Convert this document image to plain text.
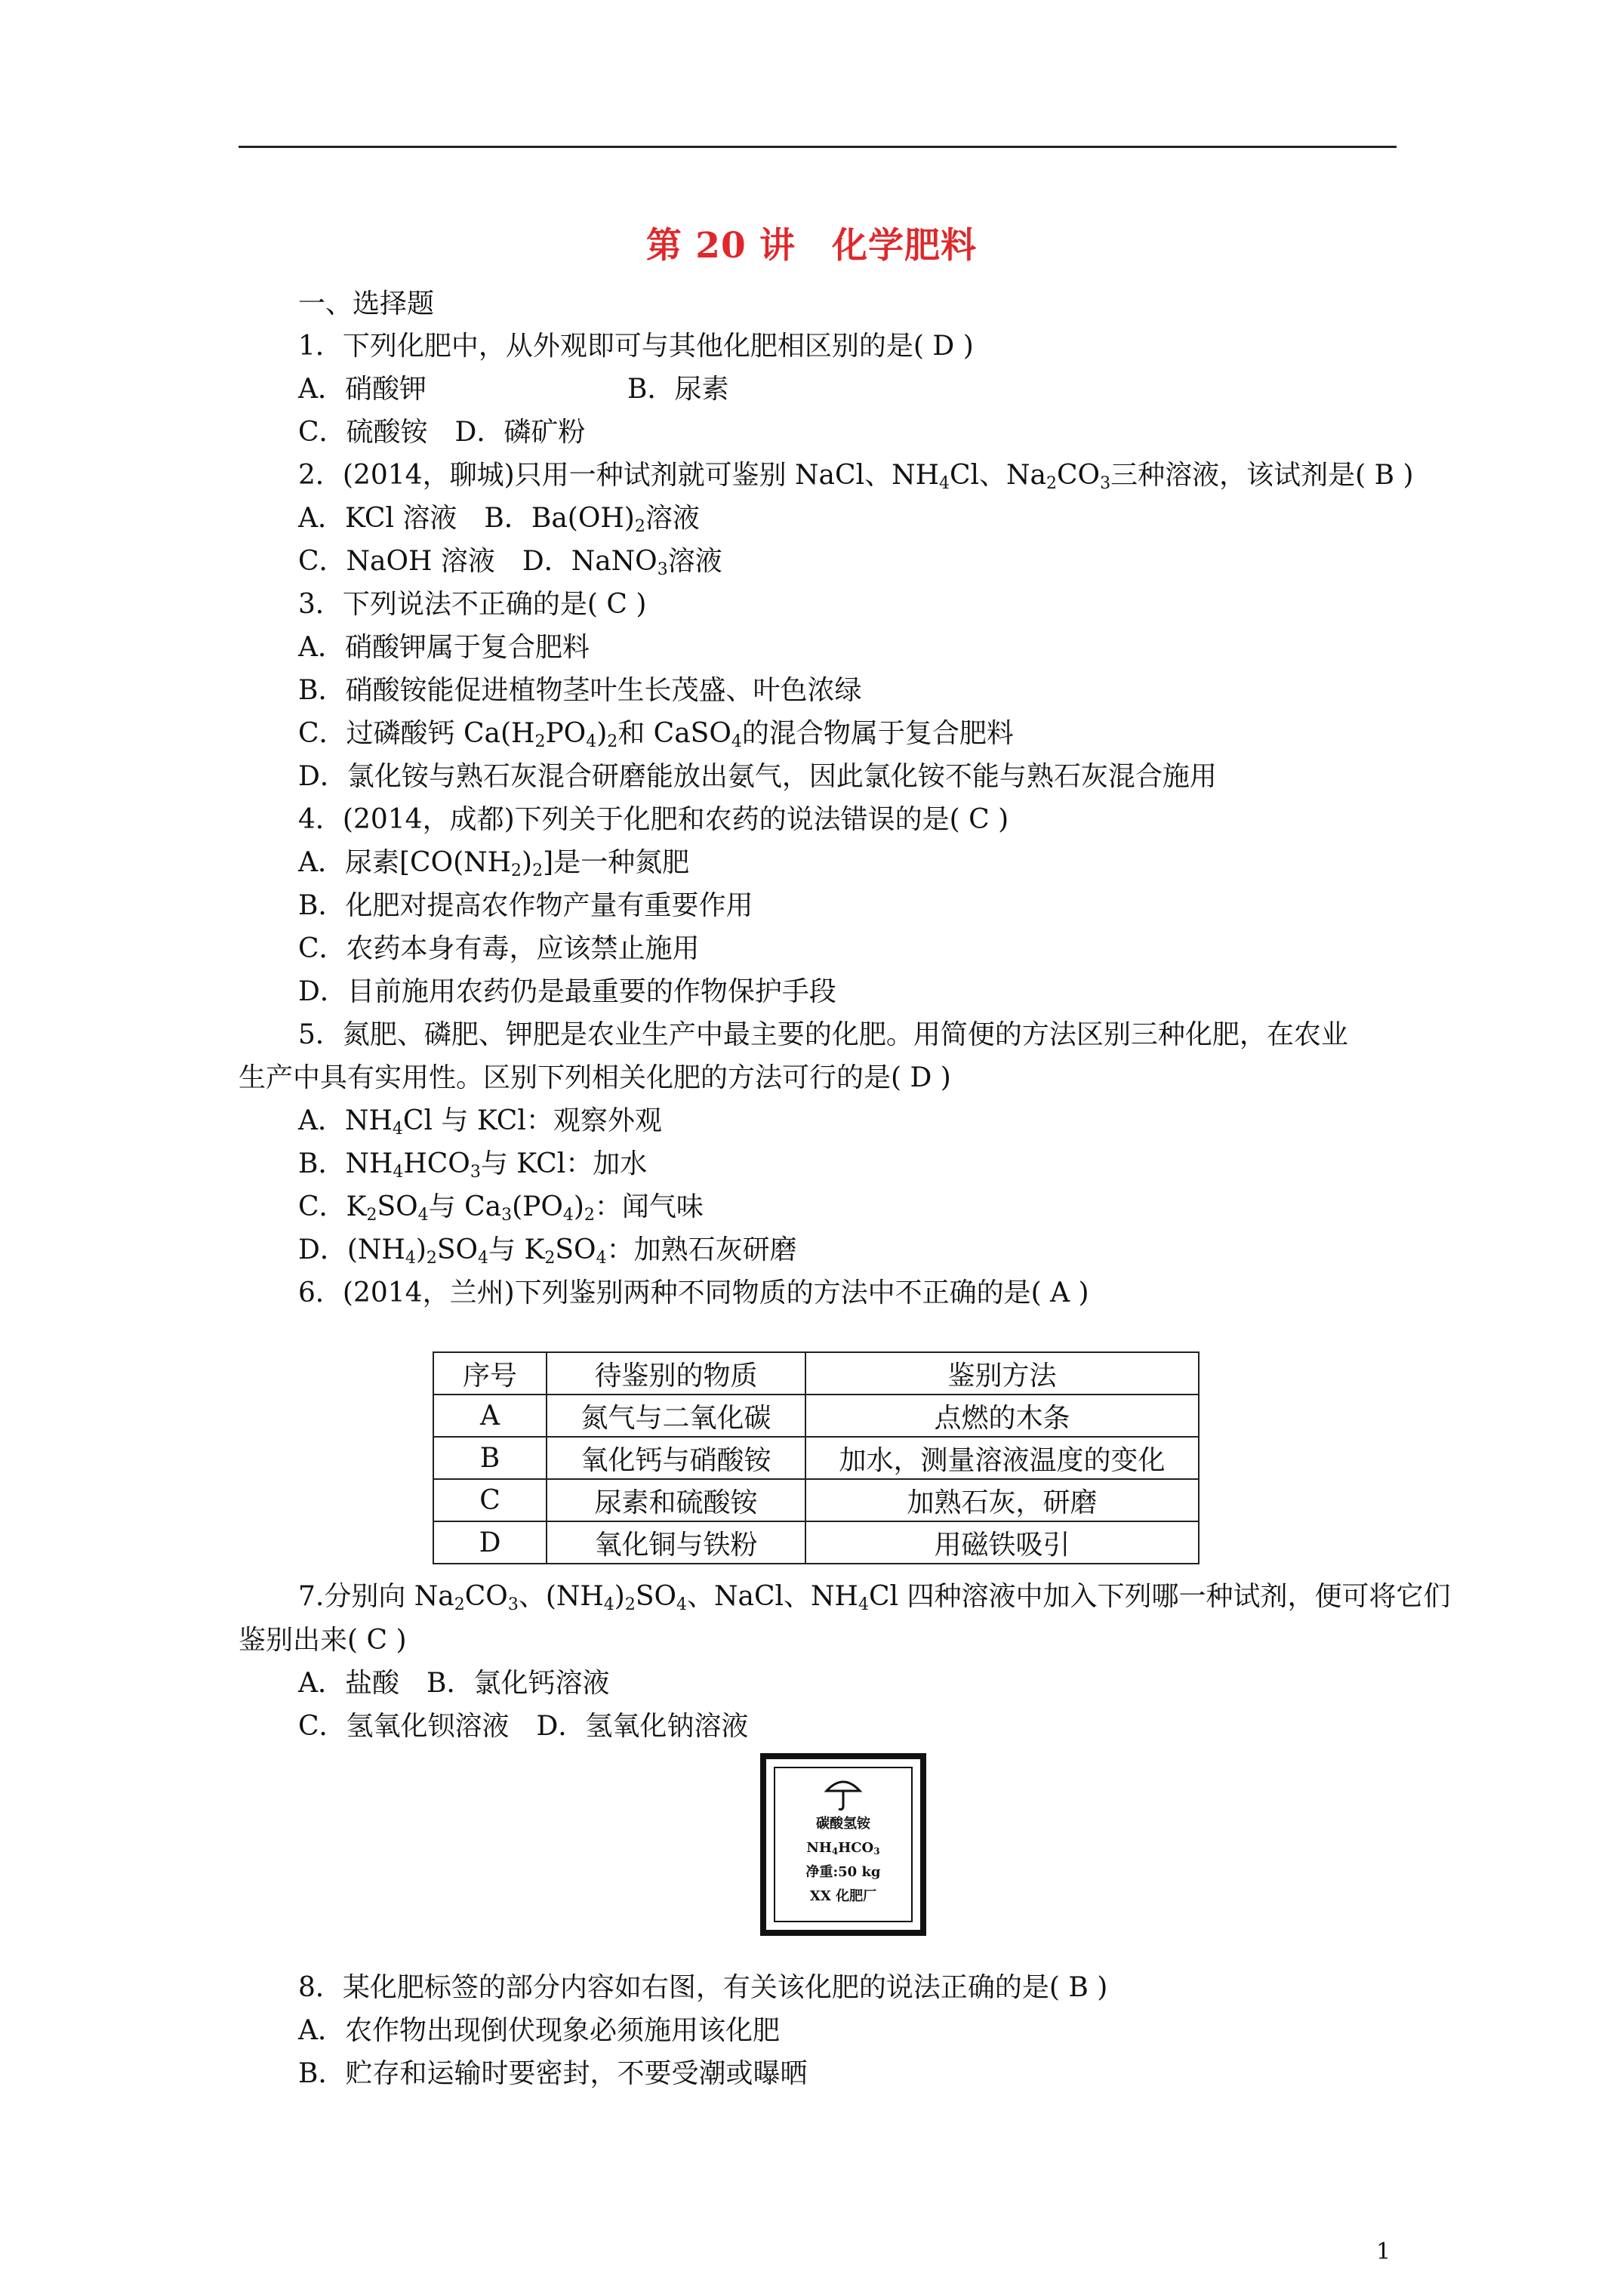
第 20 讲　化学肥料
一、选择题
1．下列化肥中，从外观即可与其他化肥相区别的是( D )
A．硝酸钾	B．尿素
C．硫酸铵　D．磷矿粉
2．(2014，聊城)只用一种试剂就可鉴别 NaCl、$NH_4Cl$、$Na_2CO_3$三种溶液，该试剂是( B )
A．KCl 溶液　B．$Ba(OH)_2$溶液
C．NaOH 溶液　D．NaNO$_3$溶液
3．下列说法不正确的是( C )
A．硝酸钾属于复合肥料
B．硝酸铵能促进植物茎叶生长茂盛、叶色浓绿
C．过磷酸钙 $Ca(H_2PO_4)_2$和 CaSO$_4$的混合物属于复合肥料
D．氯化铵与熟石灰混合研磨能放出氨气，因此氯化铵不能与熟石灰混合施用
4．(2014，成都)下列关于化肥和农药的说法错误的是( C )
A．尿素$[CO(NH_2)_2]$是一种氮肥
B．化肥对提高农作物产量有重要作用
C．农药本身有毒，应该禁止施用
D．目前施用农药仍是最重要的作物保护手段
5．氮肥、磷肥、钾肥是农业生产中最主要的化肥。用简便的方法区别三种化肥，在农业
生产中具有实用性。区别下列相关化肥的方法可行的是( D )
A．$NH_4Cl$ 与 KCl：观察外观
B．$NH_4HCO_3$与 KCl：加水
C．$K_2SO_4$与 $Ca_3(PO_4)_2$：闻气味
D．$(NH_4)_2SO_4$与 $K_2SO_4$：加熟石灰研磨
6．(2014，兰州)下列鉴别两种不同物质的方法中不正确的是( A )
序号	待鉴别的物质	鉴别方法
A	氮气与二氧化碳	点燃的木条
B	氧化钙与硝酸铵	加水，测量溶液温度的变化
C	尿素和硫酸铵	加熟石灰，研磨
D	氧化铜与铁粉	用磁铁吸引
7.分别向 $Na_2CO_3$、$(NH_4)_2SO_4$、NaCl、$NH_4Cl$ 四种溶液中加入下列哪一种试剂，便可将它们
鉴别出来( C )
A．盐酸　B．氯化钙溶液
C．氢氧化钡溶液　D．氢氧化钠溶液
碳酸氢铵
$NH_4HCO_3$
净重:50 kg
XX 化肥厂
8．某化肥标签的部分内容如右图，有关该化肥的说法正确的是( B )
A．农作物出现倒伏现象必须施用该化肥
B．贮存和运输时要密封，不要受潮或曝晒
1
